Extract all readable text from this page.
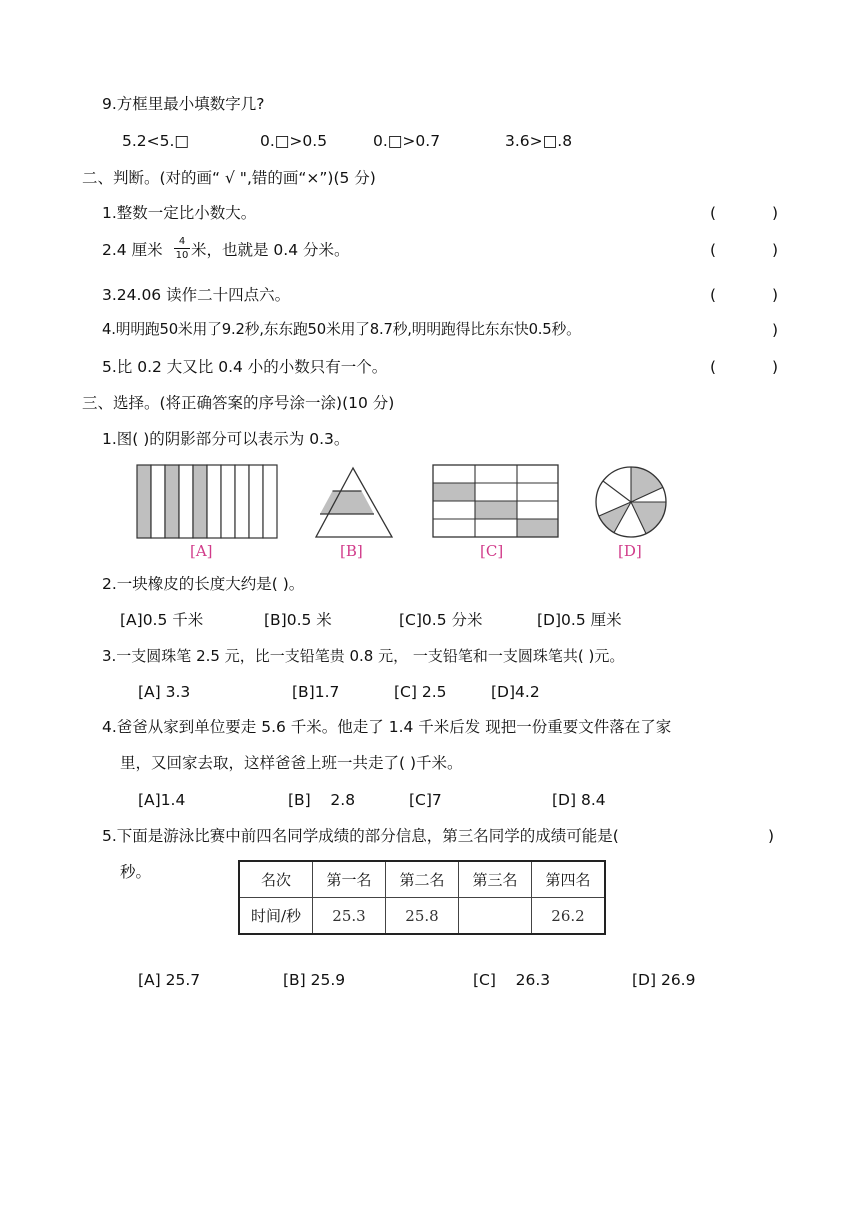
9.方框里最小填数字几?
5.2<5.□	0.□>0.5	0.□>0.7	3.6>□.8
二、判断。(对的画“ √ ",错的画“×”)(5 分)
1.整数一定比小数大。	(	)
2.4 厘米	4
10 米，也就是 0.4 分米。	(	)
3.24.06 读作二十四点六。	(	)
4.明明跑50米用了9.2秒,东东跑50米用了8.7秒,明明跑得比东东快0.5秒。	)
5.比 0.2 大又比 0.4 小的小数只有一个。	(	)
三、选择。(将正确答案的序号涂一涂)(10 分)
1.图( )的阴影部分可以表示为 0.3。
[A]	[B]	[C]	[D]
2.一块橡皮的长度大约是( )。
[A]0.5 千米	[B]0.5 米	[C]0.5 分米	[D]0.5 厘米
3.一支圆珠笔 2.5 元，比一支铅笔贵 0.8 元， 一支铅笔和一支圆珠笔共( )元。
[A] 3.3	[B]1.7	[C] 2.5	[D]4.2
4.爸爸从家到单位要走 5.6 千米。他走了 1.4 千米后发 现把一份重要文件落在了家
里，又回家去取，这样爸爸上班一共走了( )千米。
[A]1.4	[B]    2.8	[C]7	[D] 8.4
5.下面是游泳比赛中前四名同学成绩的部分信息，第三名同学的成绩可能是(	)
秒。	名次	第一名	第二名	第三名	第四名
时间/秒	25.3	25.8		26.2
[A] 25.7	[B] 25.9	[C]    26.3	[D] 26.9
